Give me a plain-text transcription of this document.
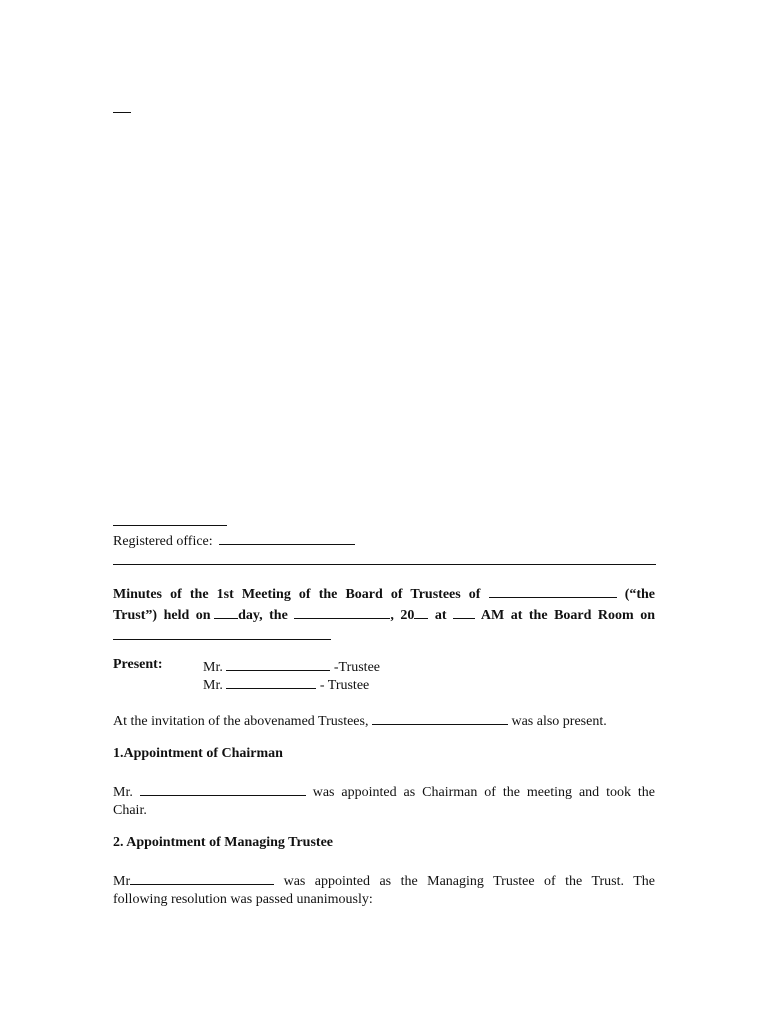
Registered office:
Minutes of the 1st Meeting of the Board of Trustees of	(“the
Trust”) held on day, the	, 20 at AM at the Board Room on
Present:	Mr.	-Trustee
Mr.	- Trustee
At the invitation of the abovenamed Trustees,	was also present.
1.Appointment of Chairman
Mr.	was appointed as Chairman of the meeting and took the
Chair.
2. Appointment of Managing Trustee
Mr	was appointed as the Managing Trustee of the Trust. The
following resolution was passed unanimously:
